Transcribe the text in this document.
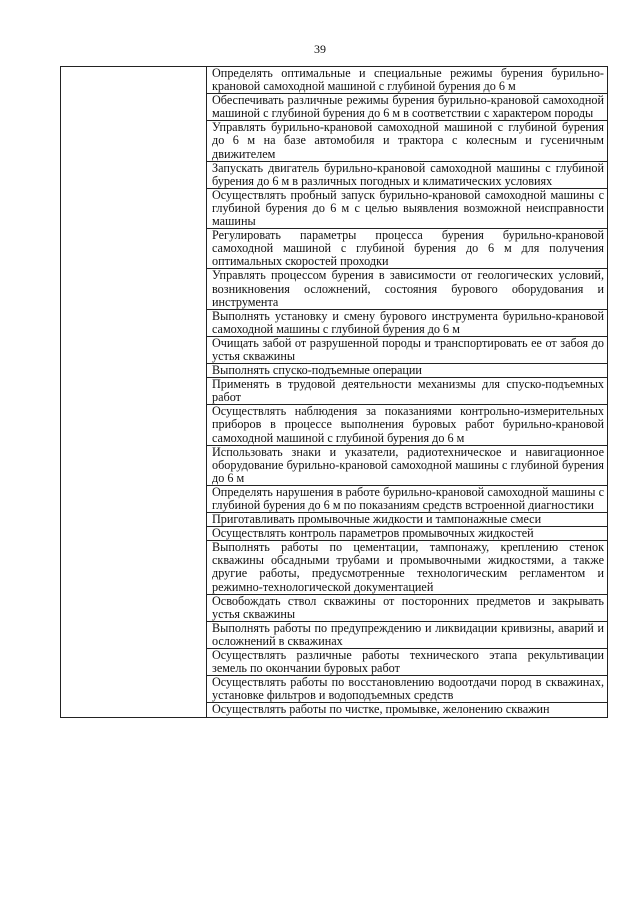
39
	Определять оптимальные и специальные режимы бурения бурильно-крановой самоходной машиной с глубиной бурения до 6 м
Обеспечивать различные режимы бурения бурильно-крановой самоходной машиной с глубиной бурения до 6 м в соответствии с характером породы
Управлять бурильно-крановой самоходной машиной с глубиной бурения до 6 м на базе автомобиля и трактора с колесным и гусеничным движителем
Запускать двигатель бурильно-крановой самоходной машины с глубиной бурения до 6 м в различных погодных и климатических условиях
Осуществлять пробный запуск бурильно-крановой самоходной машины с глубиной бурения до 6 м с целью выявления возможной неисправности машины
Регулировать параметры процесса бурения бурильно-крановой самоходной машиной с глубиной бурения до 6 м для получения оптимальных скоростей проходки
Управлять процессом бурения в зависимости от геологических условий, возникновения осложнений, состояния бурового оборудования и инструмента
Выполнять установку и смену бурового инструмента бурильно-крановой самоходной машины с глубиной бурения до 6 м
Очищать забой от разрушенной породы и транспортировать ее от забоя до устья скважины
Выполнять спуско-подъемные операции
Применять в трудовой деятельности механизмы для спуско-подъемных работ
Осуществлять наблюдения за показаниями контрольно-измерительных приборов в процессе выполнения буровых работ бурильно-крановой самоходной машиной с глубиной бурения до 6 м
Использовать знаки и указатели, радиотехническое и навигационное оборудование бурильно-крановой самоходной машины с глубиной бурения до 6 м
Определять нарушения в работе бурильно-крановой самоходной машины с глубиной бурения до 6 м по показаниям средств встроенной диагностики
Приготавливать промывочные жидкости и тампонажные смеси
Осуществлять контроль параметров промывочных жидкостей
Выполнять работы по цементации, тампонажу, креплению стенок скважины обсадными трубами и промывочными жидкостями, а также другие работы, предусмотренные технологическим регламентом и режимно-технологической документацией
Освобождать ствол скважины от посторонних предметов и закрывать устья скважины
Выполнять работы по предупреждению и ликвидации кривизны, аварий и осложнений в скважинах
Осуществлять различные работы технического этапа рекультивации земель по окончании буровых работ
Осуществлять работы по восстановлению водоотдачи пород в скважинах, установке фильтров и водоподъемных средств
Осуществлять работы по чистке, промывке, желонению скважин
